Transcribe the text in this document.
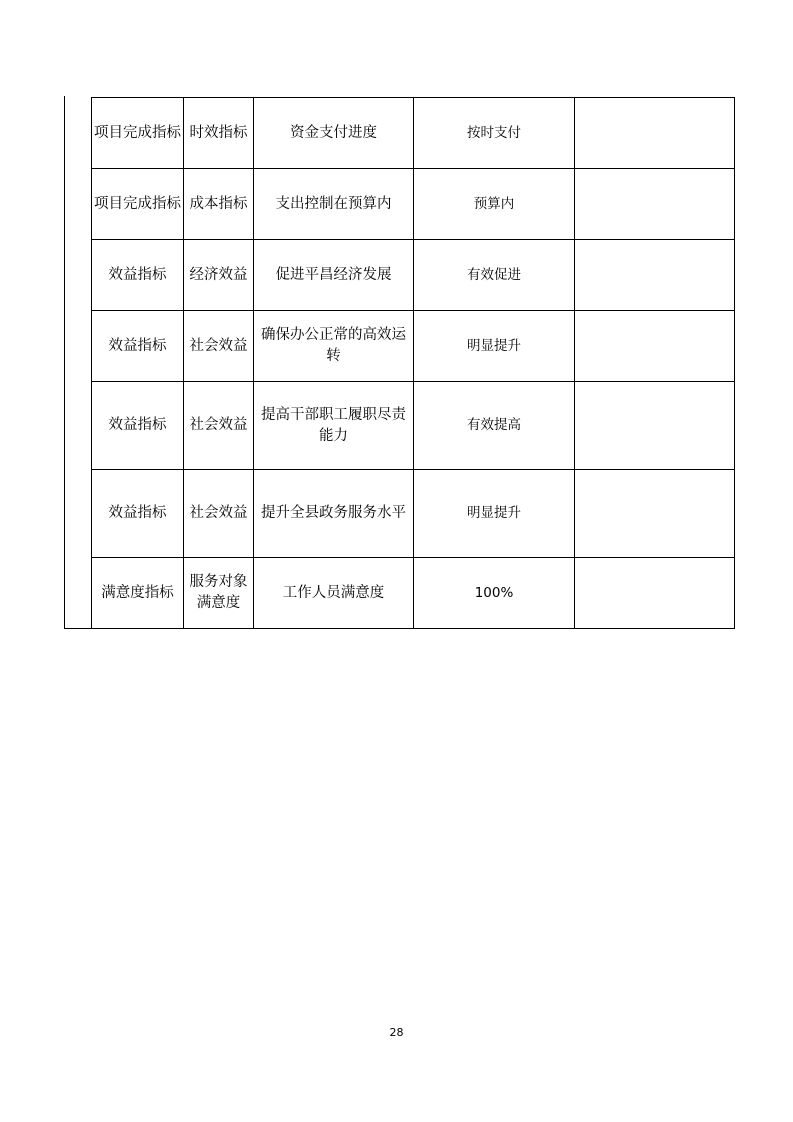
项目完成指标	时效指标	资金支付进度	按时支付	
项目完成指标	成本指标	支出控制在预算内	预算内	
效益指标	经济效益	促进平昌经济发展	有效促进	
效益指标	社会效益	确保办公正常的高效运转	明显提升	
效益指标	社会效益	提高干部职工履职尽责能力	有效提高	
效益指标	社会效益	提升全县政务服务水平	明显提升	
满意度指标	服务对象满意度	工作人员满意度	100%	
28
